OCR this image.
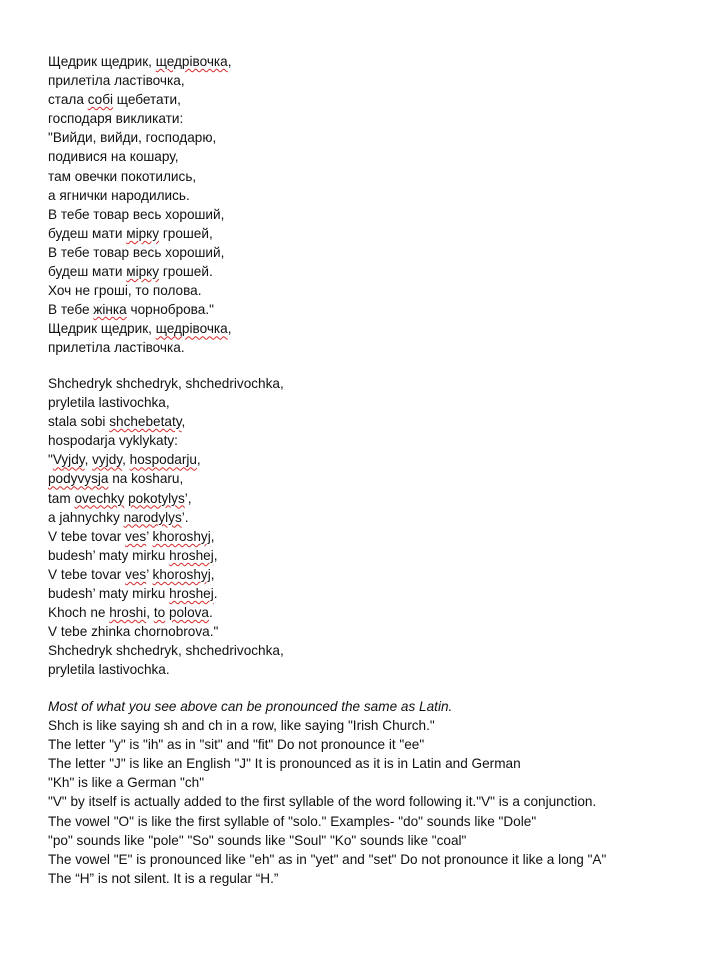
Щедрик щедрик, щедрівочка,
прилетіла ластівочка,
стала собі щебетати,
господаря викликати:
"Вийди, вийди, господарю,
подивися на кошару,
там овечки покотились,
а ягнички народились.
В тебе товар весь хороший,
будеш мати мірку грошей,
В тебе товар весь хороший,
будеш мати мірку грошей.
Хоч не гроші, то полова.
В тебе жінка чорноброва."
Щедрик щедрик, щедрівочка,
прилетіла ластівочка.
Shchedryk shchedryk, shchedrivochka,
pryletila lastivochka,
stala sobi shchebetaty,
hospodarja vyklykaty:
"Vyjdy, vyjdy, hospodarju,
podyvysja na kosharu,
tam ovechky pokotylys’,
a jahnychky narodylys’.
V tebe tovar ves’ khoroshyj,
budesh’ maty mirku hroshej,
V tebe tovar ves’ khoroshyj,
budesh’ maty mirku hroshej.
Khoch ne hroshi, to polova.
V tebe zhinka chornobrova."
Shchedryk shchedryk, shchedrivochka,
pryletila lastivochka.
Most of what you see above can be pronounced the same as Latin.
Shch is like saying sh and ch in a row, like saying "Irish Church."
The letter "y" is "ih" as in "sit" and "fit" Do not pronounce it "ee"
The letter "J" is like an English "J" It is pronounced as it is in Latin and German
"Kh" is like a German "ch"
"V" by itself is actually added to the first syllable of the word following it."V" is a conjunction.
The vowel "O" is like the first syllable of "solo." Examples- "do" sounds like "Dole"
"po" sounds like "pole" "So" sounds like "Soul" "Ko" sounds like "coal"
The vowel "E" is pronounced like "eh" as in "yet" and "set" Do not pronounce it like a long "A"
The “H” is not silent. It is a regular “H.”
